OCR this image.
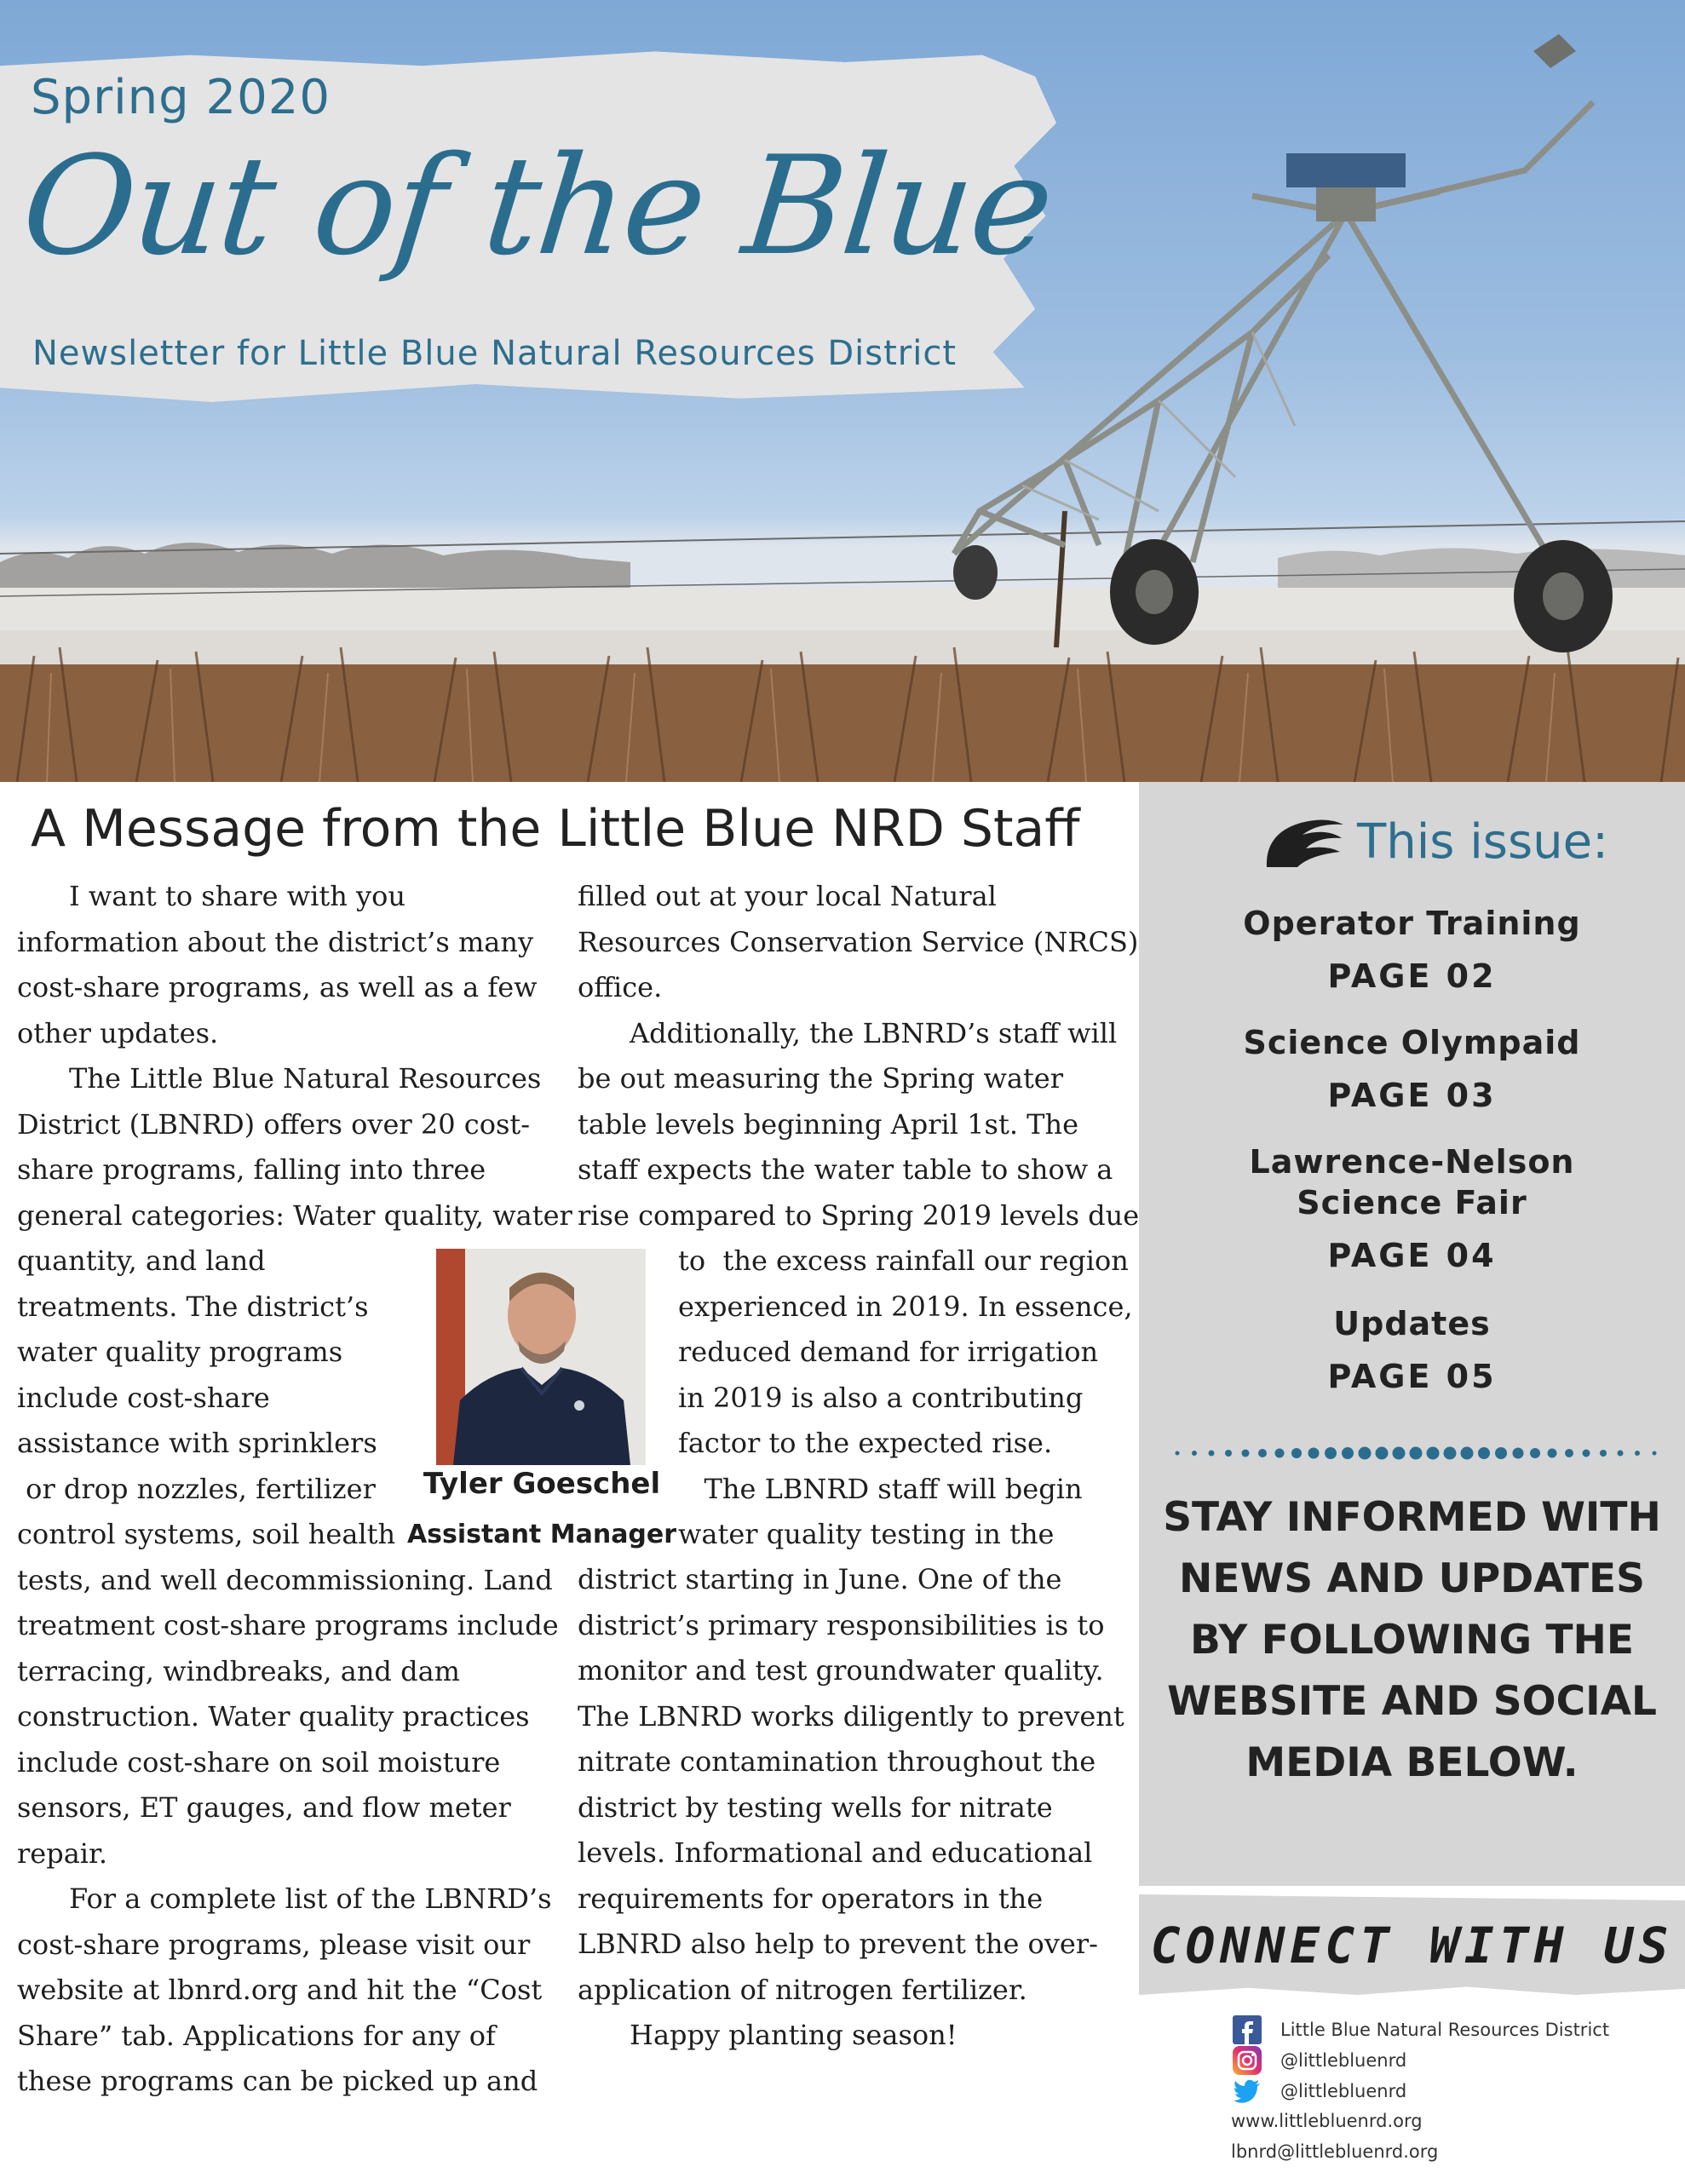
Spring 2020
Out of the Blue
Newsletter for Little Blue Natural Resources District
A Message from the Little Blue NRD Staff
I want to share with you
information about the district’s many
cost-share programs, as well as a few
other updates.
The Little Blue Natural Resources
District (LBNRD) offers over 20 cost-
share programs, falling into three
general categories: Water quality, water
quantity, and land
treatments. The district’s
water quality programs
include cost-share
assistance with sprinklers
or drop nozzles, fertilizer
control systems, soil health
tests, and well decommissioning. Land
treatment cost-share programs include
terracing, windbreaks, and dam
construction. Water quality practices
include cost-share on soil moisture
sensors, ET gauges, and flow meter
repair.
For a complete list of the LBNRD’s
cost-share programs, please visit our
website at lbnrd.org and hit the “Cost
Share” tab. Applications for any of
these programs can be picked up and
filled out at your local Natural
Resources Conservation Service (NRCS)
office.
Additionally, the LBNRD’s staff will
be out measuring the Spring water
table levels beginning April 1st. The
staff expects the water table to show a
rise compared to Spring 2019 levels due
to  the excess rainfall our region
experienced in 2019. In essence,
reduced demand for irrigation
in 2019 is also a contributing
factor to the expected rise.
The LBNRD staff will begin
water quality testing in the
district starting in June. One of the
district’s primary responsibilities is to
monitor and test groundwater quality.
The LBNRD works diligently to prevent
nitrate contamination throughout the
district by testing wells for nitrate
levels. Informational and educational
requirements for operators in the
LBNRD also help to prevent the over-
application of nitrogen fertilizer.
Happy planting season!
Tyler Goeschel
Assistant Manager
This issue:
Operator Training
PAGE 02
Science Olympaid
PAGE 03
Lawrence-Nelson
Science Fair
PAGE 04
Updates
PAGE 05
STAY INFORMED WITH NEWS AND UPDATES BY FOLLOWING THE WEBSITE AND SOCIAL MEDIA BELOW.
CONNECT WITH US
Little Blue Natural Resources District
@littlebluenrd
@littlebluenrd
www.littlebluenrd.org
lbnrd@littlebluenrd.org
